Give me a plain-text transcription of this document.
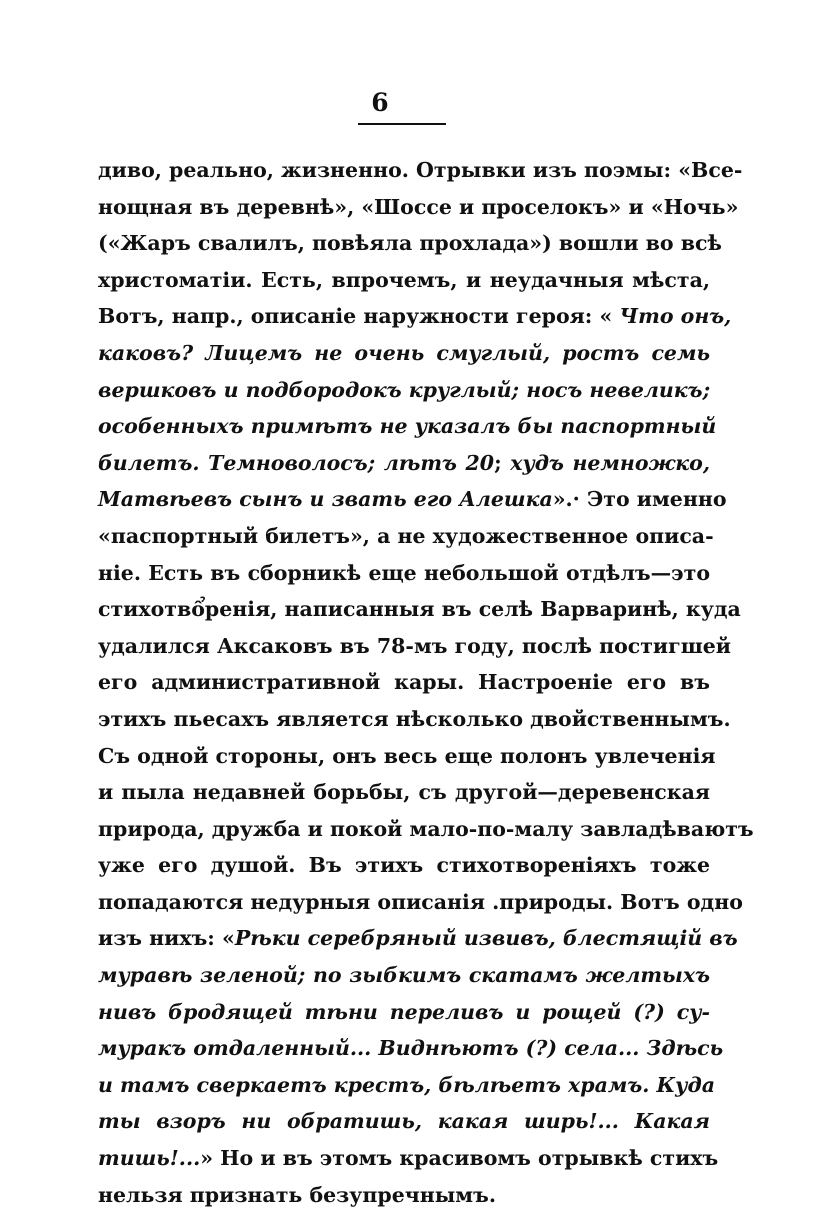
6
диво, реально, жизненно. Отрывки изъ поэмы: «Все-
нощная въ деревнѣ», «Шоссе и проселокъ» и «Ночь»
(«Жаръ свалилъ, повѣяла прохлада») вошли во всѣ
христоматіи. Есть, впрочемъ, и неудачныя мѣста,
Вотъ, напр., описаніе наружности героя: « Что онъ,
каковъ? Лицемъ не очень смуглый, ростъ семь
вершковъ и подбородокъ круглый; носъ невеликъ;
особенныхъ примѣтъ не указалъ бы паспортный
билетъ. Темноволосъ; лѣтъ 20; худъ немножко,
Матвѣевъ сынъ и звать его Алешка».· Это именно
«паспортный билетъ», а не художественное описа-
ніе. Есть въ сборникѣ еще небольшой отдѣлъ—это
стихотвổренія, написанныя въ селѣ Варваринѣ, куда
удалился Аксаковъ въ 78-мъ году, послѣ постигшей
его административной кары. Настроеніе его въ
этихъ пьесахъ является нѣсколько двойственнымъ.
Съ одной стороны, онъ весь еще полонъ увлеченія
и пыла недавней борьбы, съ другой—деревенская
природа, дружба и покой мало-по-малу завладѣваютъ
уже его душой. Въ этихъ стихотвореніяхъ тоже
попадаются недурныя описанія .природы. Вотъ одно
изъ нихъ: «Рѣки серебряный извивъ, блестящій въ
муравѣ зеленой; по зыбкимъ скатамъ желтыхъ
нивъ бродящей тѣни переливъ и рощей (?) су-
муракъ отдаленный... Виднѣютъ (?) села... Здѣсь
и тамъ сверкаетъ крестъ, бѣлѣетъ храмъ. Куда
ты взоръ ни обратишь, какая ширь!... Какая
тишь!...» Но и въ этомъ красивомъ отрывкѣ стихъ
нельзя признать безупречнымъ.
